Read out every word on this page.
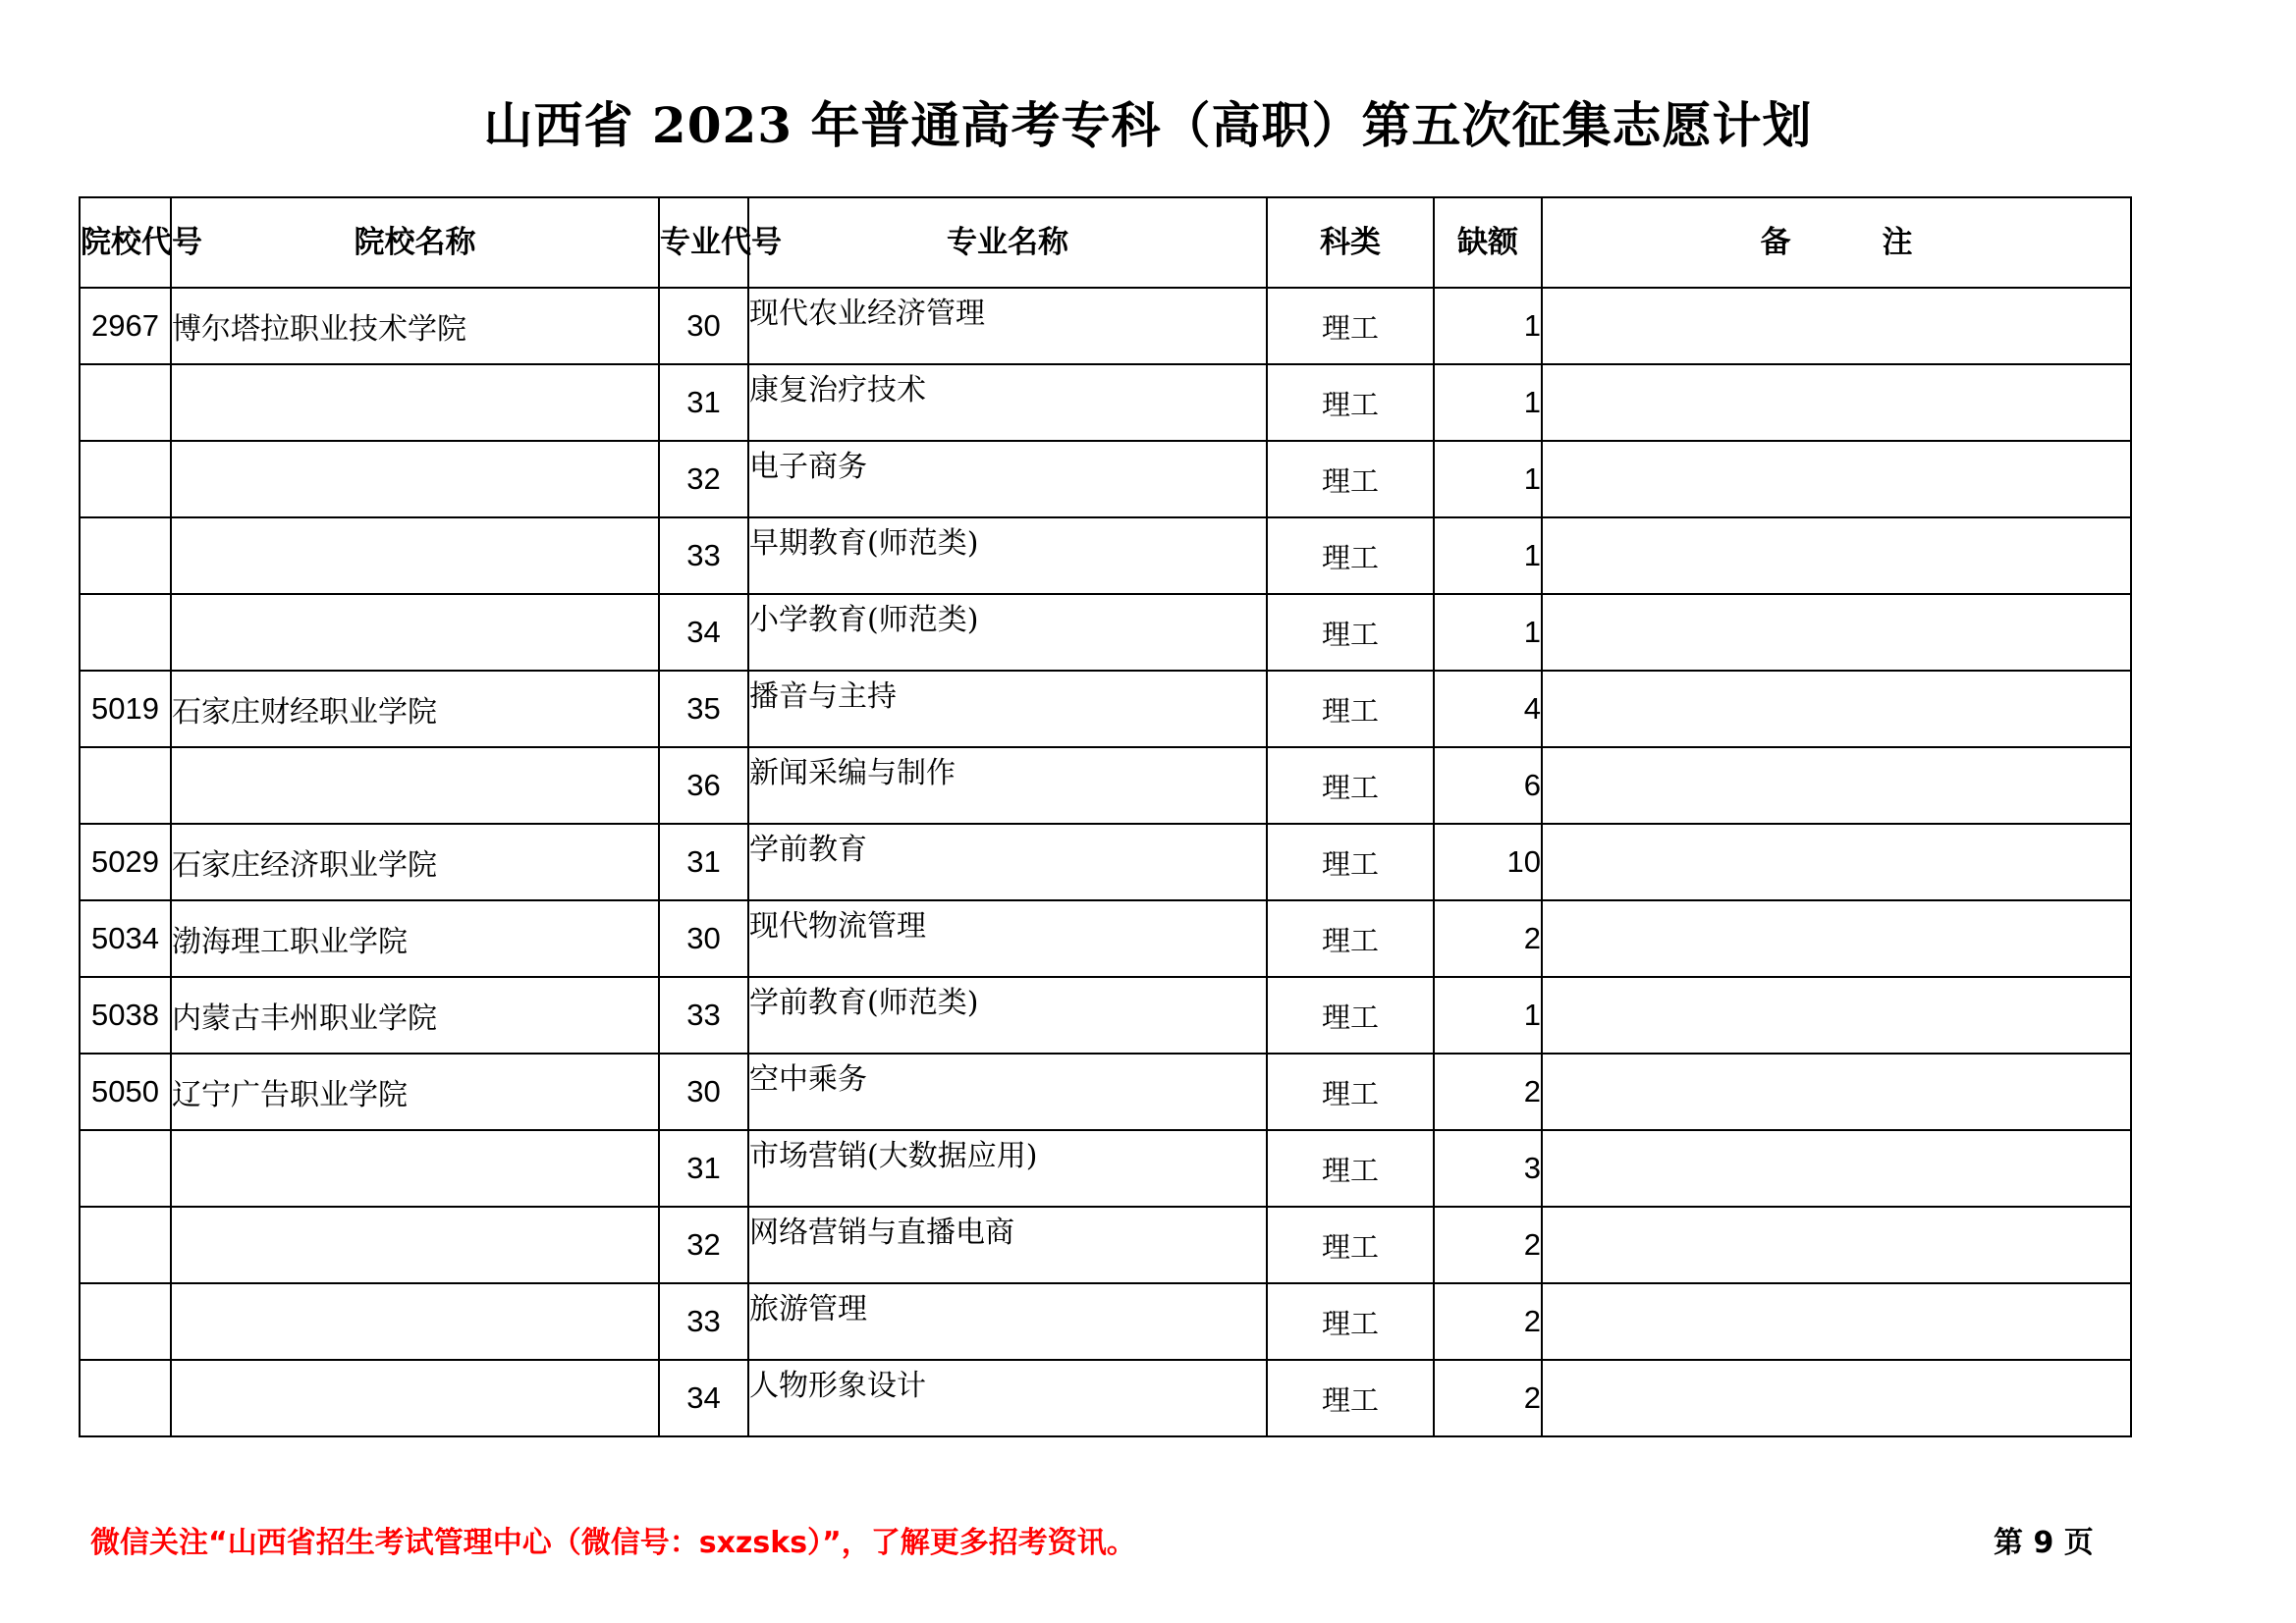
山西省 2023 年普通高考专科（高职）第五次征集志愿计划
院校代号	院校名称	专业代号	专业名称	科类	缺额	备　　　注
2967	博尔塔拉职业技术学院	30	现代农业经济管理	理工	1	
		31	康复治疗技术	理工	1	
		32	电子商务	理工	1	
		33	早期教育(师范类)	理工	1	
		34	小学教育(师范类)	理工	1	
5019	石家庄财经职业学院	35	播音与主持	理工	4	
		36	新闻采编与制作	理工	6	
5029	石家庄经济职业学院	31	学前教育	理工	10	
5034	渤海理工职业学院	30	现代物流管理	理工	2	
5038	内蒙古丰州职业学院	33	学前教育(师范类)	理工	1	
5050	辽宁广告职业学院	30	空中乘务	理工	2	
		31	市场营销(大数据应用)	理工	3	
		32	网络营销与直播电商	理工	2	
		33	旅游管理	理工	2	
		34	人物形象设计	理工	2	
微信关注“山西省招生考试管理中心（微信号：sxzsks）”，了解更多招考资讯。	第 9 页
